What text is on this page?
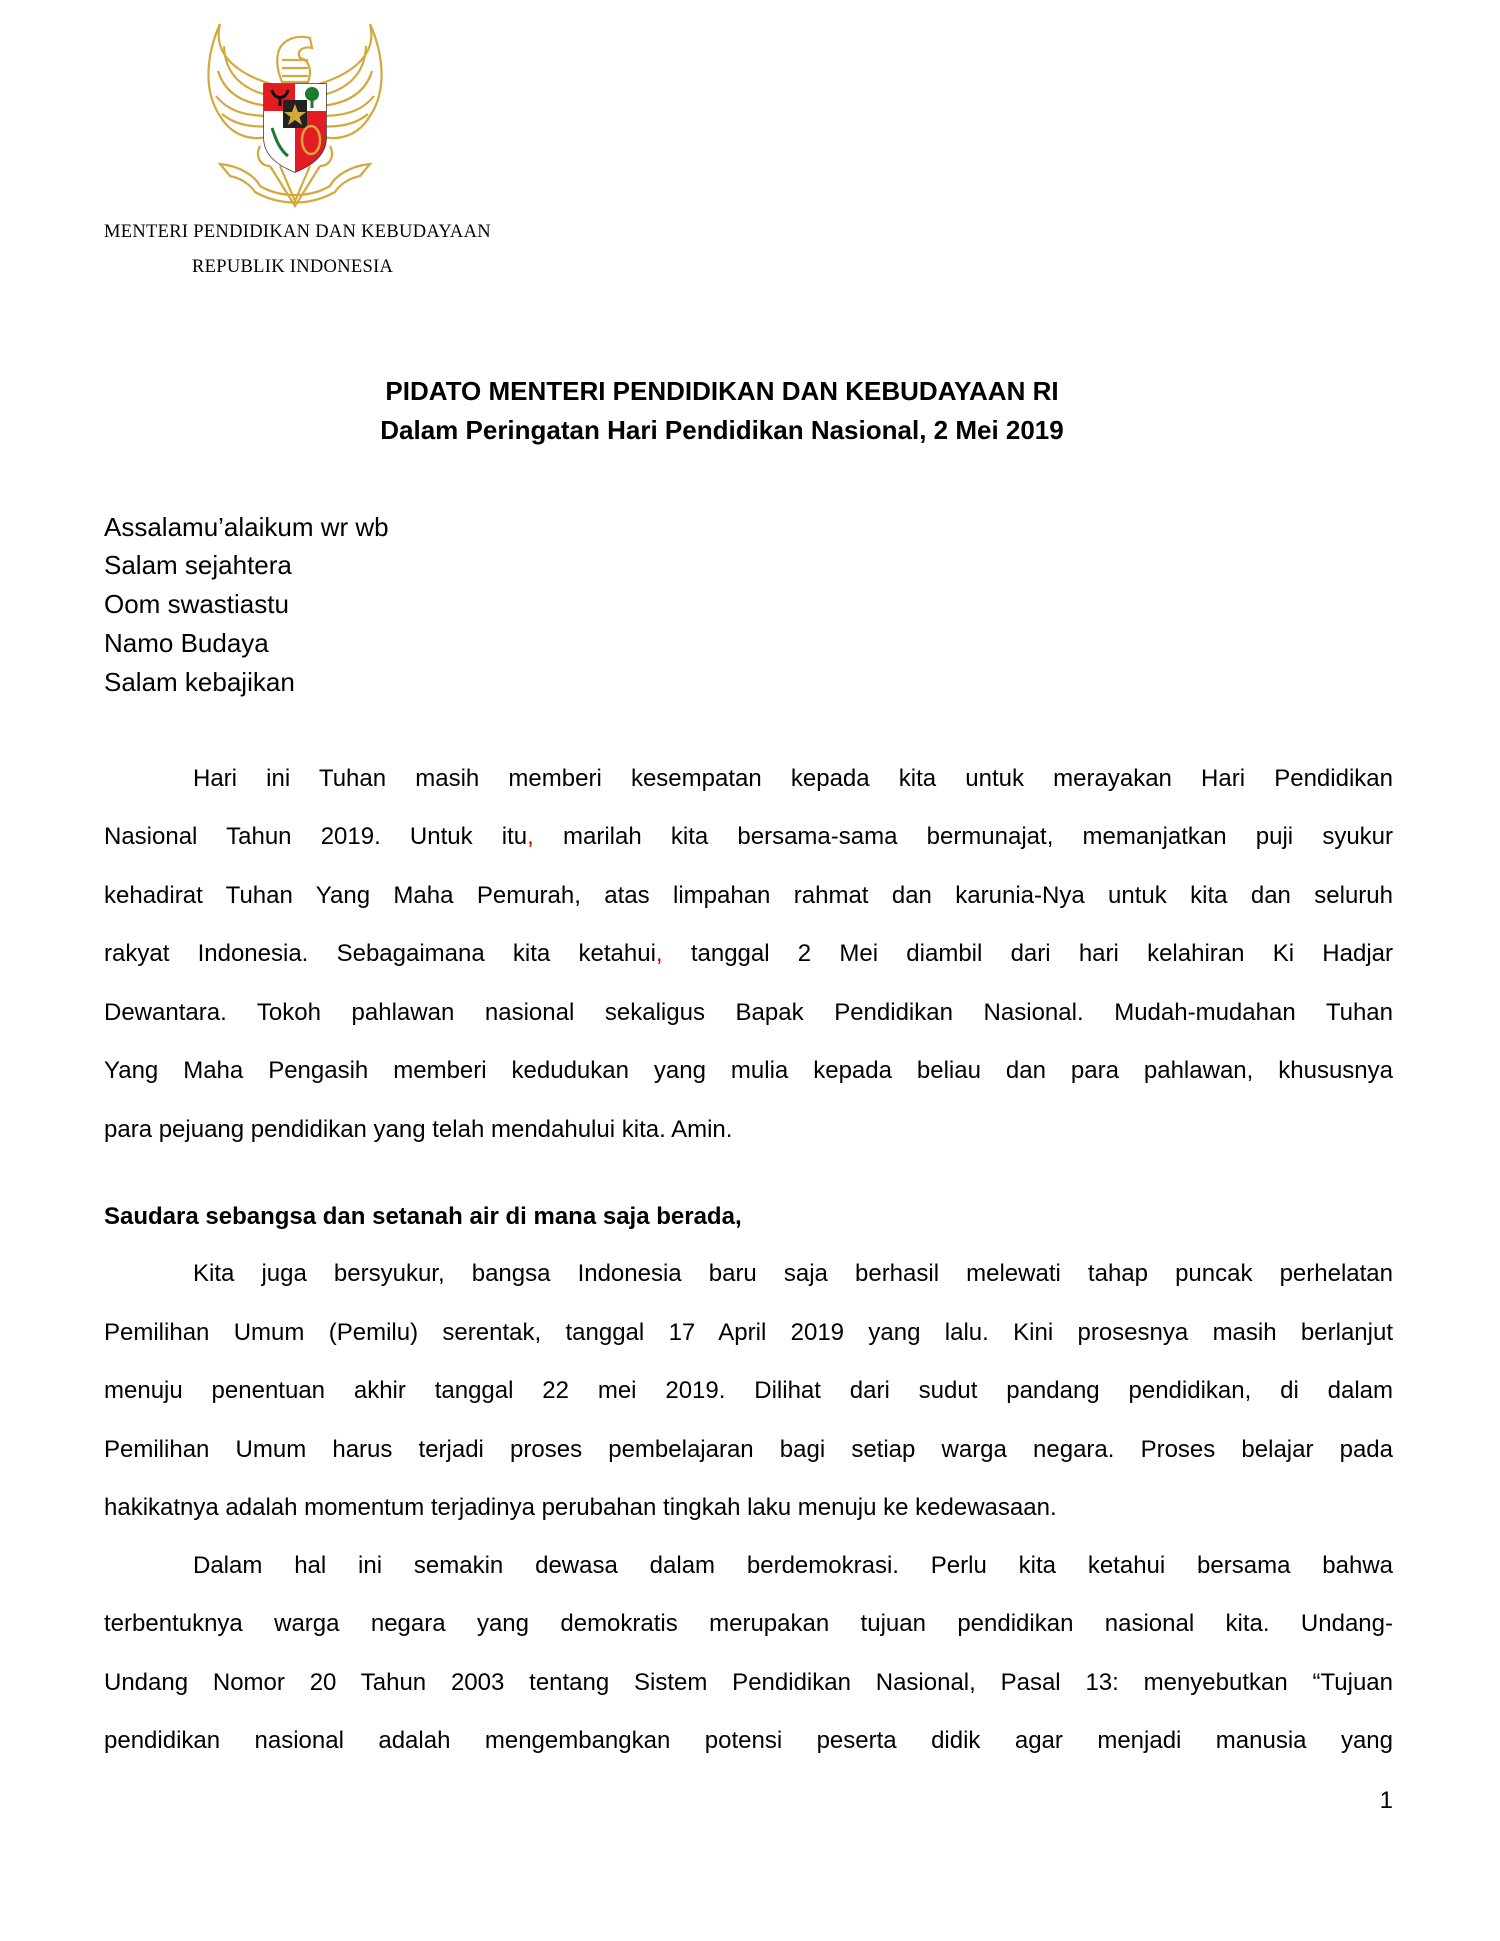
MENTERI PENDIDIKAN DAN KEBUDAYAAN
REPUBLIK INDONESIA
PIDATO MENTERI PENDIDIKAN DAN KEBUDAYAAN RI
Dalam Peringatan Hari Pendidikan Nasional, 2 Mei 2019
Assalamu’alaikum wr wb
Salam sejahtera
Oom swastiastu
Namo Budaya
Salam kebajikan
Hari ini Tuhan masih memberi kesempatan kepada kita untuk merayakan Hari Pendidikan
Nasional Tahun 2019. Untuk itu, marilah kita bersama-sama bermunajat, memanjatkan puji syukur
kehadirat Tuhan Yang Maha Pemurah, atas limpahan rahmat dan karunia-Nya untuk kita dan seluruh
rakyat Indonesia. Sebagaimana kita ketahui, tanggal 2 Mei diambil dari hari kelahiran Ki Hadjar
Dewantara. Tokoh pahlawan nasional sekaligus Bapak Pendidikan Nasional. Mudah-mudahan Tuhan
Yang Maha Pengasih memberi kedudukan yang mulia kepada beliau dan para pahlawan, khususnya
para pejuang pendidikan yang telah mendahului kita. Amin.
Saudara sebangsa dan setanah air di mana saja berada,
Kita juga bersyukur, bangsa Indonesia baru saja berhasil melewati tahap puncak perhelatan
Pemilihan Umum (Pemilu) serentak, tanggal 17 April 2019 yang lalu. Kini prosesnya masih berlanjut
menuju penentuan akhir tanggal 22 mei 2019. Dilihat dari sudut pandang pendidikan, di dalam
Pemilihan Umum harus terjadi proses pembelajaran bagi setiap warga negara. Proses belajar pada
hakikatnya adalah momentum terjadinya perubahan tingkah laku menuju ke kedewasaan.
Dalam hal ini semakin dewasa dalam berdemokrasi. Perlu kita ketahui bersama bahwa
terbentuknya warga negara yang demokratis merupakan tujuan pendidikan nasional kita. Undang-
Undang Nomor 20 Tahun 2003 tentang Sistem Pendidikan Nasional, Pasal 13: menyebutkan “Tujuan
pendidikan nasional adalah mengembangkan potensi peserta didik agar menjadi manusia yang
1
